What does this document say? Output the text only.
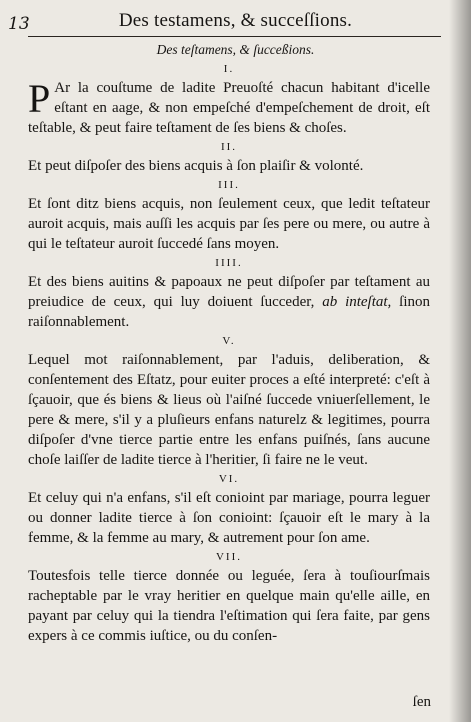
13	Des testamens, & succeſſions.
Des teſtamens, & ſucceßions.
I.

P Ar la couſtume de ladite Preuoſté chacun habitant d'icelle eſtant en aage, & non empeſché d'empeſchement de droit, eſt teſtable, & peut faire teſtament de ſes biens & choſes.

II.

Et peut diſpoſer des biens acquis à ſon plaiſir & volonté.

III.

Et ſont ditz biens acquis, non ſeulement ceux, que ledit teſtateur auroit acquis, mais auſſi les acquis par ſes pere ou mere, ou autre à qui le teſtateur auroit ſuccedé ſans moyen.

IIII.

Et des biens auitins & papoaux ne peut diſpoſer par teſtament au preiudice de ceux, qui luy doiuent ſucceder, ab inteſtat, ſinon raiſonnablement.

V.

Lequel mot raiſonnablement, par l'aduis, deliberation, & conſentement des Eſtatz, pour euiter proces a eſté interpreté: c'eſt à ſçauoir, que és biens & lieus où l'aiſné ſuccede vniuerſellement, le pere & mere, s'il y a pluſieurs enfans naturelz & legitimes, pourra diſpoſer d'vne tierce partie entre les enfans puiſnés, ſans aucune choſe laiſſer de ladite tierce à l'heritier, ſi faire ne le veut.

VI.

Et celuy qui n'a enfans, s'il eſt conioint par mariage, pourra leguer ou donner ladite tierce à ſon conioint: ſçauoir eſt le mary à la femme, & la femme au mary, & autrement pour ſon ame.

VII.

Toutesfois telle tierce donnée ou leguée, ſera à touſiourſmais racheptable par le vray heritier en quelque main qu'elle aille, en payant par celuy qui la tiendra l'eſtimation qui ſera faite, par gens expers à ce commis iuſtice, ou du conſen-

ſen
